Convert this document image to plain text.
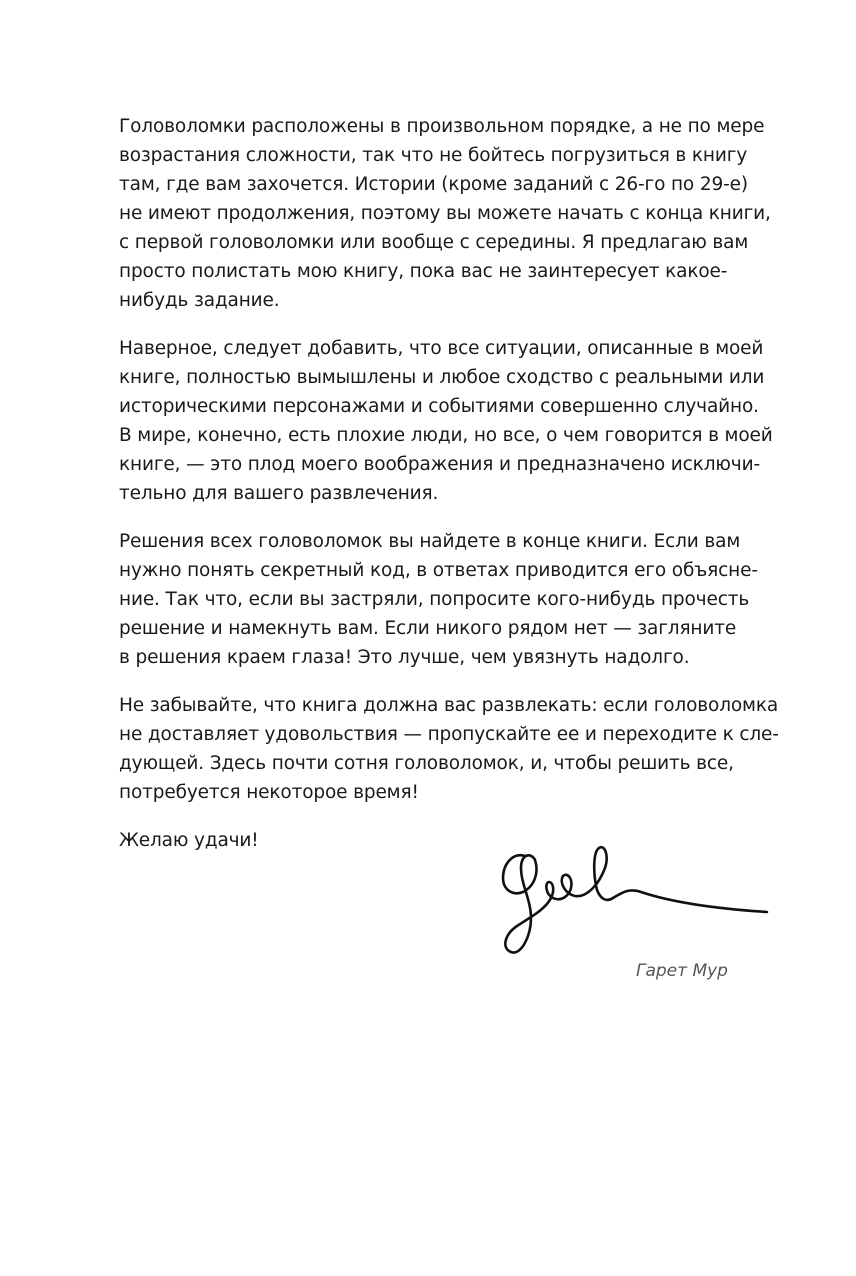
Головоломки расположены в произвольном порядке, а не по мере
возрастания сложности, так что не бойтесь погрузиться в книгу
там, где вам захочется. Истории (кроме заданий с 26-го по 29-е)
не имеют продолжения, поэтому вы можете начать с конца книги,
с первой головоломки или вообще с середины. Я предлагаю вам
просто полистать мою книгу, пока вас не заинтересует какое-
нибудь задание.
Наверное, следует добавить, что все ситуации, описанные в моей
книге, полностью вымышлены и любое сходство с реальными или
историческими персонажами и событиями совершенно случайно.
В мире, конечно, есть плохие люди, но все, о чем говорится в моей
книге, — это плод моего воображения и предназначено исключи-
тельно для вашего развлечения.
Решения всех головоломок вы найдете в конце книги. Если вам
нужно понять секретный код, в ответах приводится его объясне-
ние. Так что, если вы застряли, попросите кого-нибудь прочесть
решение и намекнуть вам. Если никого рядом нет — загляните
в решения краем глаза! Это лучше, чем увязнуть надолго.
Не забывайте, что книга должна вас развлекать: если головоломка
не доставляет удовольствия — пропускайте ее и переходите к сле-
дующей. Здесь почти сотня головоломок, и, чтобы решить все,
потребуется некоторое время!
Желаю удачи!
Гарет Мур
